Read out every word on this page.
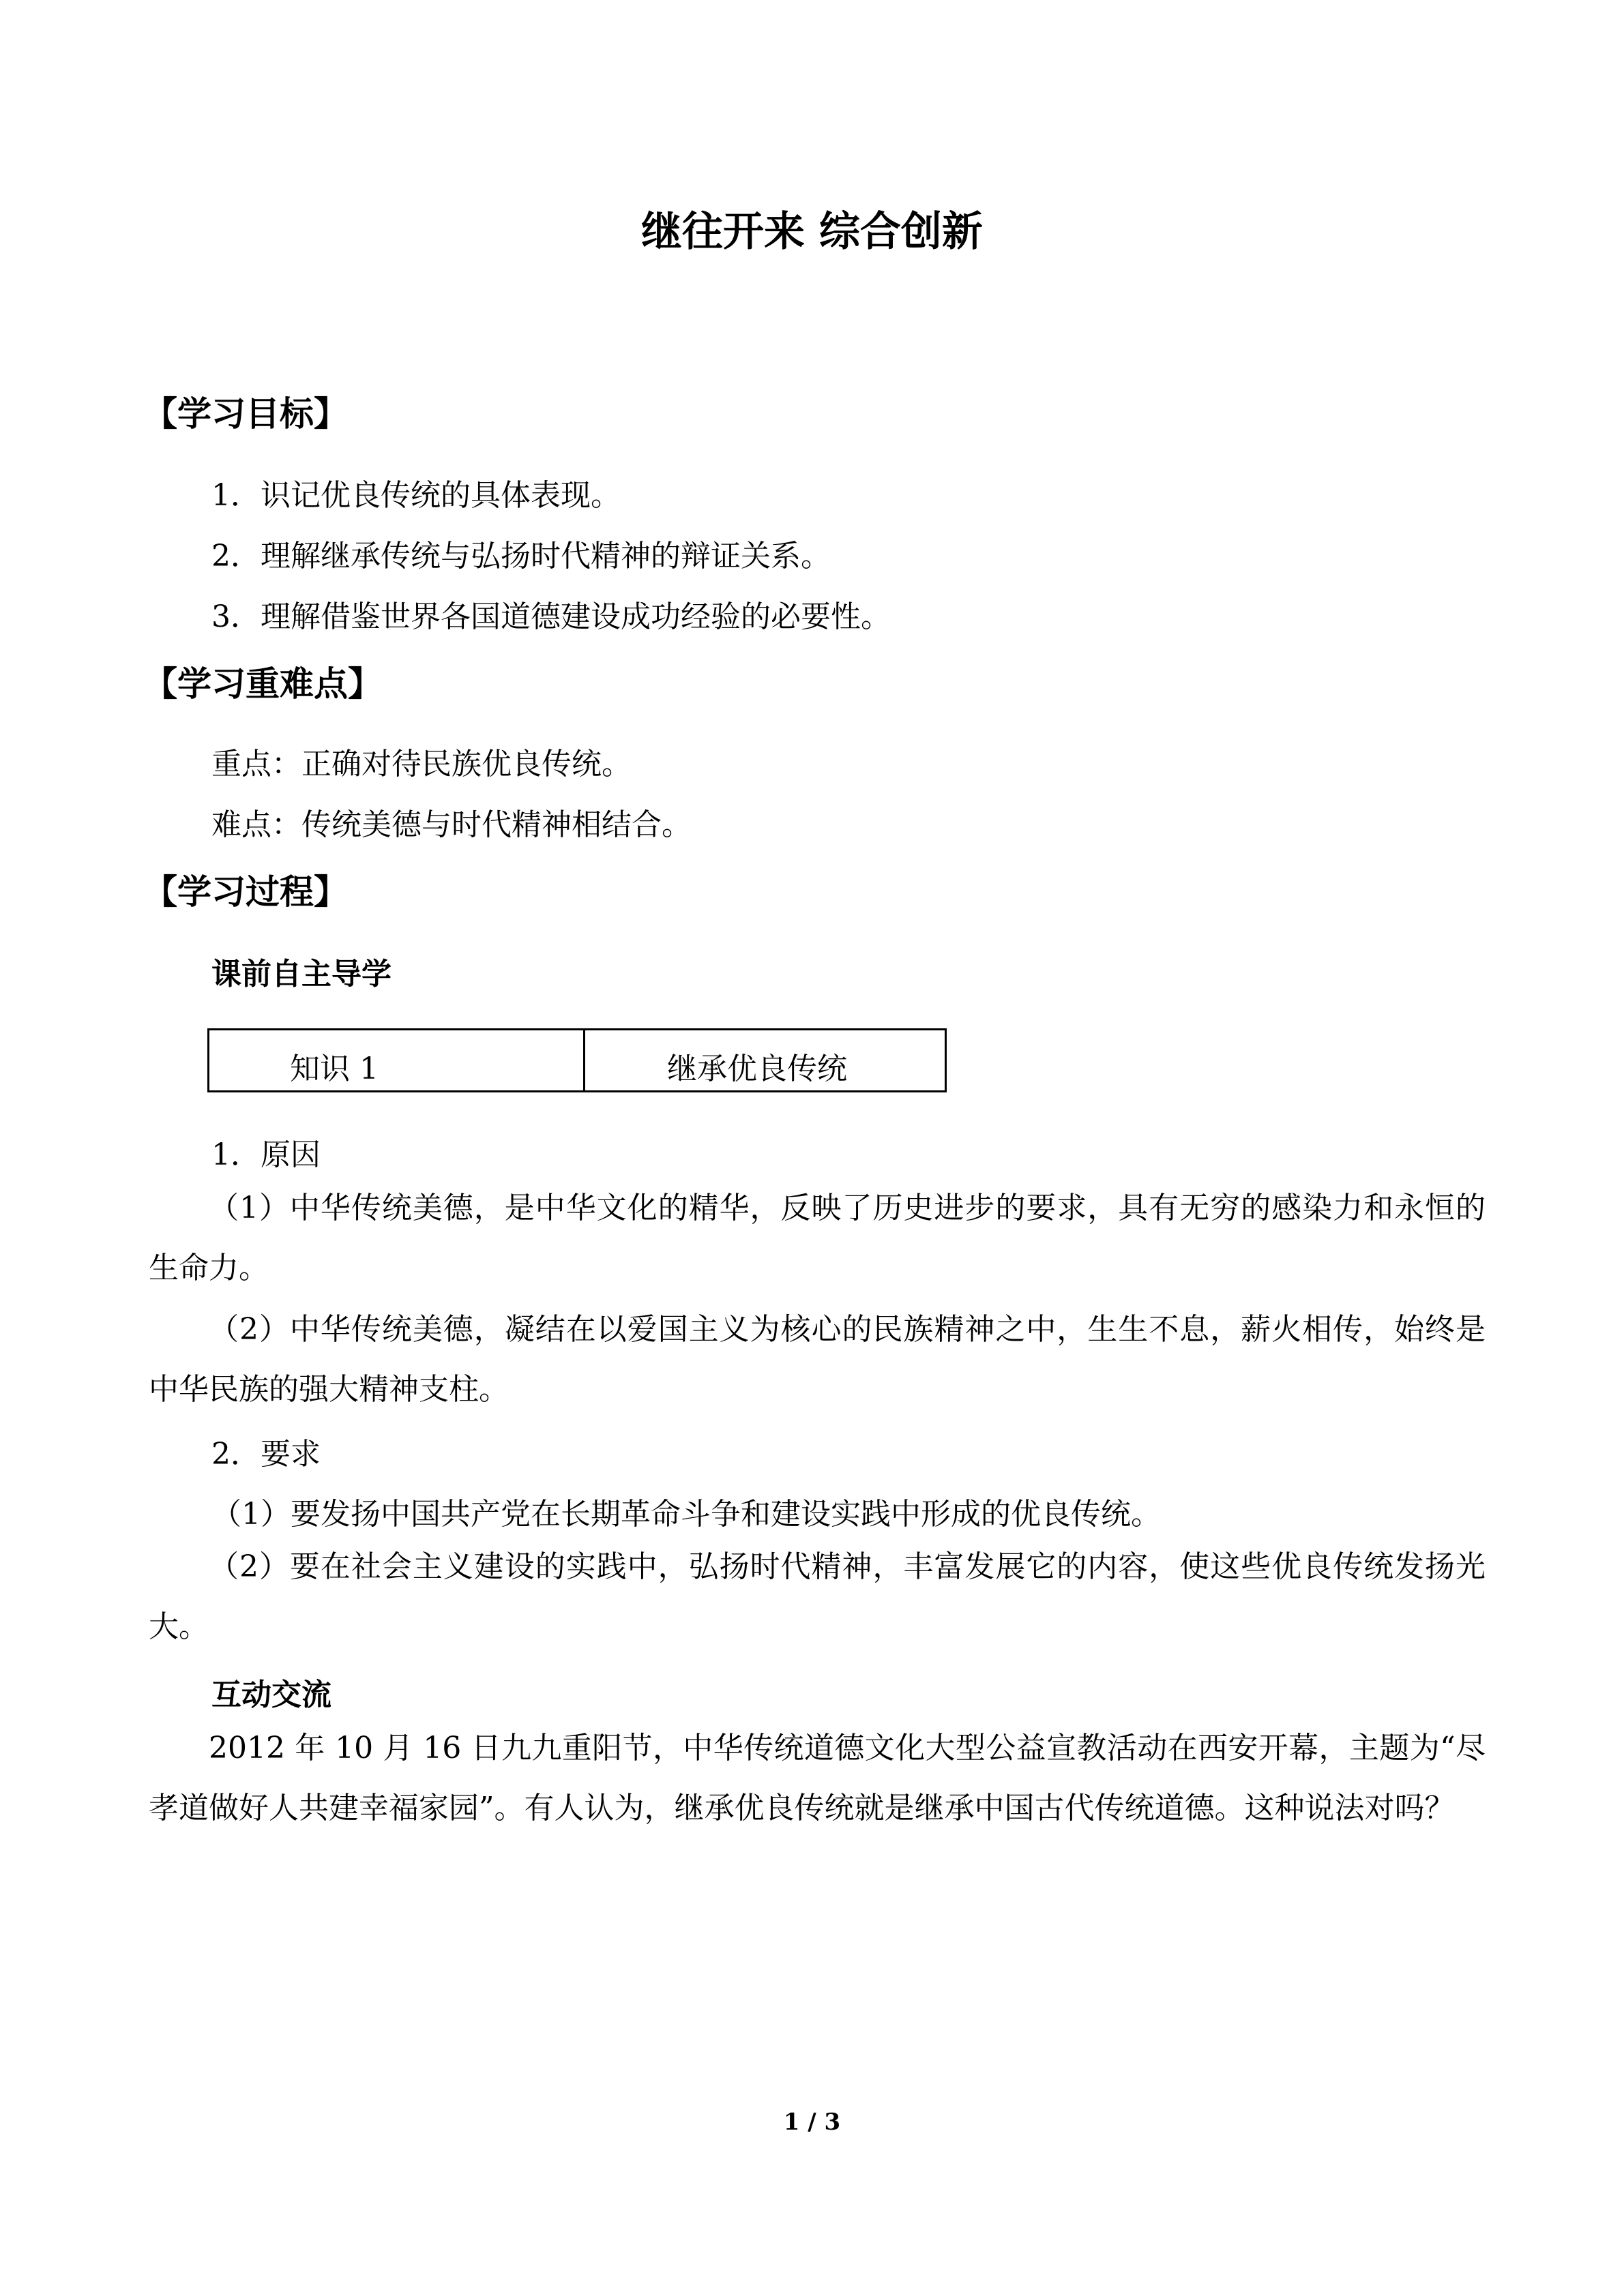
继往开来 综合创新
【学习目标】

1．识记优良传统的具体表现。

2．理解继承传统与弘扬时代精神的辩证关系。

3．理解借鉴世界各国道德建设成功经验的必要性。

【学习重难点】

重点：正确对待民族优良传统。

难点：传统美德与时代精神相结合。

【学习过程】

课前自主导学

知识 1	继承优良传统

1．原因

（1）中华传统美德，是中华文化的精华，反映了历史进步的要求，具有无穷的感染力和永恒的生命力。

（2）中华传统美德，凝结在以爱国主义为核心的民族精神之中，生生不息，薪火相传，始终是中华民族的强大精神支柱。

2．要求

（1）要发扬中国共产党在长期革命斗争和建设实践中形成的优良传统。

（2）要在社会主义建设的实践中，弘扬时代精神，丰富发展它的内容，使这些优良传统发扬光大。

互动交流

2012 年 10 月 16 日九九重阳节，中华传统道德文化大型公益宣教活动在西安开幕，主题为“尽孝道做好人共建幸福家园”。有人认为，继承优良传统就是继承中国古代传统道德。这种说法对吗？

1 / 3
